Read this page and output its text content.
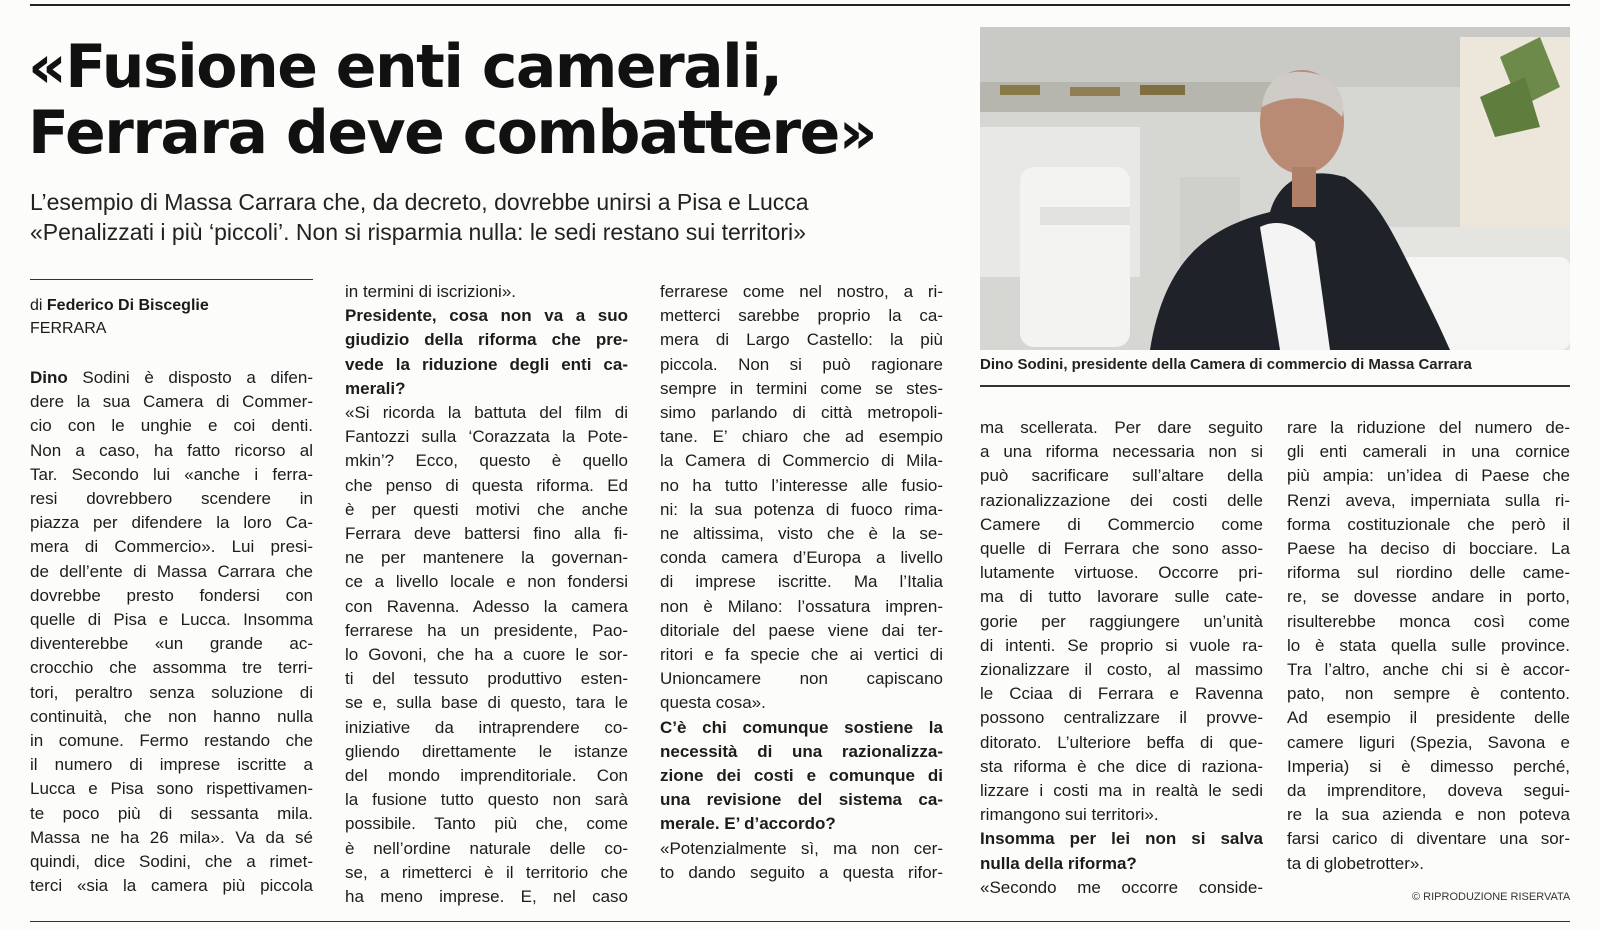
«Fusione enti camerali,
Ferrara deve combattere»
L’esempio di Massa Carrara che, da decreto, dovrebbe unirsi a Pisa e Lucca
«Penalizzati i più ‘piccoli’. Non si risparmia nulla: le sedi restano sui territori»
Dino Sodini, presidente della Camera di commercio di Massa Carrara
di Federico Di Bisceglie
FERRARA
Dino Sodini è disposto a difen-
dere la sua Camera di Commer-
cio con le unghie e coi denti.
Non a caso, ha fatto ricorso al
Tar. Secondo lui «anche i ferra-
resi dovrebbero scendere in
piazza per difendere la loro Ca-
mera di Commercio». Lui presi-
de dell’ente di Massa Carrara che
dovrebbe presto fondersi con
quelle di Pisa e Lucca. Insomma
diventerebbe «un grande ac-
crocchio che assomma tre terri-
tori, peraltro senza soluzione di
continuità, che non hanno nulla
in comune. Fermo restando che
il numero di imprese iscritte a
Lucca e Pisa sono rispettivamen-
te poco più di sessanta mila.
Massa ne ha 26 mila». Va da sé
quindi, dice Sodini, che a rimet-
terci «sia la camera più piccola
in termini di iscrizioni».
Presidente, cosa non va a suo
giudizio della riforma che pre-
vede la riduzione degli enti ca-
merali?
«Si ricorda la battuta del film di
Fantozzi sulla ‘Corazzata la Pote-
mkin’? Ecco, questo è quello
che penso di questa riforma. Ed
è per questi motivi che anche
Ferrara deve battersi fino alla fi-
ne per mantenere la governan-
ce a livello locale e non fondersi
con Ravenna. Adesso la camera
ferrarese ha un presidente, Pao-
lo Govoni, che ha a cuore le sor-
ti del tessuto produttivo esten-
se e, sulla base di questo, tara le
iniziative da intraprendere co-
gliendo direttamente le istanze
del mondo imprenditoriale. Con
la fusione tutto questo non sarà
possibile. Tanto più che, come
è nell’ordine naturale delle co-
se, a rimetterci è il territorio che
ha meno imprese. E, nel caso
ferrarese come nel nostro, a ri-
metterci sarebbe proprio la ca-
mera di Largo Castello: la più
piccola. Non si può ragionare
sempre in termini come se stes-
simo parlando di città metropoli-
tane. E’ chiaro che ad esempio
la Camera di Commercio di Mila-
no ha tutto l’interesse alle fusio-
ni: la sua potenza di fuoco rima-
ne altissima, visto che è la se-
conda camera d’Europa a livello
di imprese iscritte. Ma l’Italia
non è Milano: l’ossatura impren-
ditoriale del paese viene dai ter-
ritori e fa specie che ai vertici di
Unioncamere non capiscano
questa cosa».
C’è chi comunque sostiene la
necessità di una razionalizza-
zione dei costi e comunque di
una revisione del sistema ca-
merale. E’ d’accordo?
«Potenzialmente sì, ma non cer-
to dando seguito a questa rifor-
ma scellerata. Per dare seguito
a una riforma necessaria non si
può sacrificare sull’altare della
razionalizzazione dei costi delle
Camere di Commercio come
quelle di Ferrara che sono asso-
lutamente virtuose. Occorre pri-
ma di tutto lavorare sulle cate-
gorie per raggiungere un’unità
di intenti. Se proprio si vuole ra-
zionalizzare il costo, al massimo
le Cciaa di Ferrara e Ravenna
possono centralizzare il provve-
ditorato. L’ulteriore beffa di que-
sta riforma è che dice di raziona-
lizzare i costi ma in realtà le sedi
rimangono sui territori».
Insomma per lei non si salva
nulla della riforma?
«Secondo me occorre conside-
rare la riduzione del numero de-
gli enti camerali in una cornice
più ampia: un’idea di Paese che
Renzi aveva, imperniata sulla ri-
forma costituzionale che però il
Paese ha deciso di bocciare. La
riforma sul riordino delle came-
re, se dovesse andare in porto,
risulterebbe monca così come
lo è stata quella sulle province.
Tra l’altro, anche chi si è accor-
pato, non sempre è contento.
Ad esempio il presidente delle
camere liguri (Spezia, Savona e
Imperia) si è dimesso perché,
da imprenditore, doveva segui-
re la sua azienda e non poteva
farsi carico di diventare una sor-
ta di globetrotter».
© RIPRODUZIONE RISERVATA
